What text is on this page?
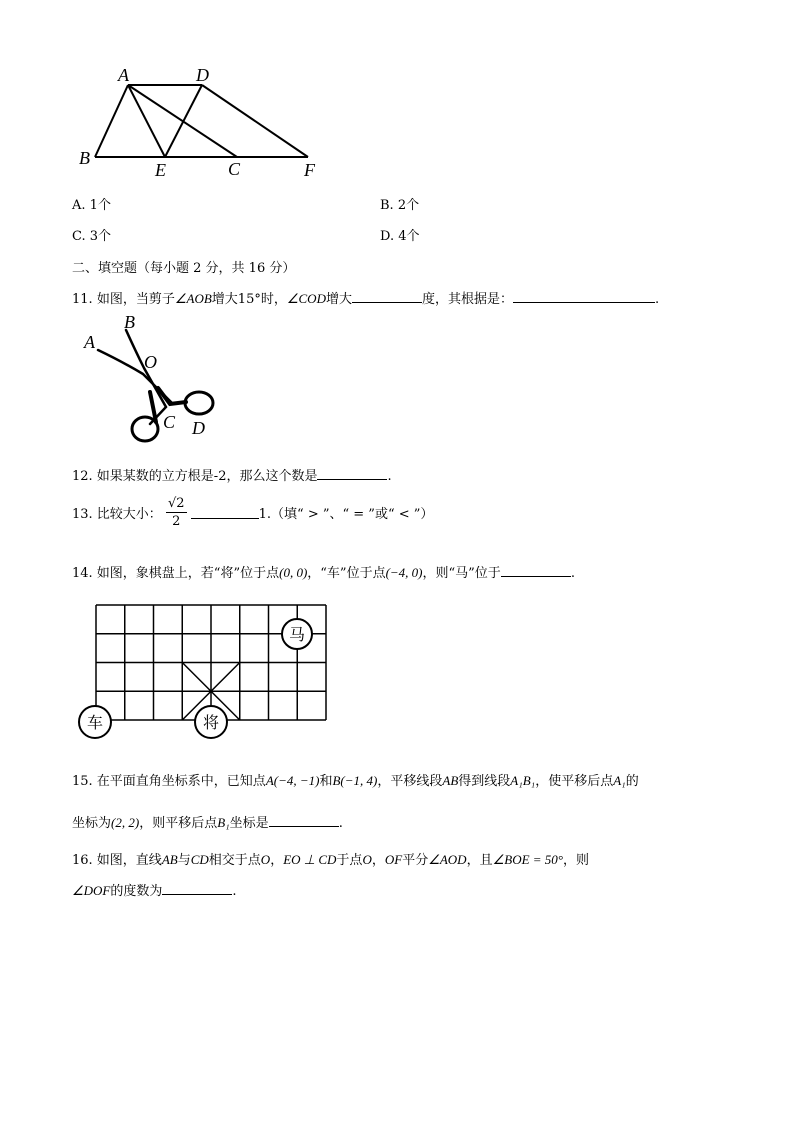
A	D
B
E	C	F
A. 1个	B. 2个
C. 3个	D. 4个
二、填空题（每小题 2 分，共 16 分）
11. 如图，当剪子∠AOB增大15°时，∠COD增大	度，其根据是：	.
A
B
O
C D
12. 如果某数的立方根是-2，那么这个数是	.
13. 比较大小： $\frac{√2}{2}$	1.（填“ > ”、“ = ”或“ < ”）
14. 如图，象棋盘上，若“将”位于点(0, 0)，“车”位于点(−4, 0)，则“马”位于	.
马
车	将
15. 在平面直角坐标系中，已知点A(−4, −1)和B(−1, 4)，平移线段AB得到线段A₁B₁，使平移后点A₁的
坐标为(2, 2)，则平移后点B₁坐标是	.
16. 如图，直线AB与CD相交于点O，EO ⊥ CD于点O，OF平分∠AOD，且∠BOE = 50°，则
∠DOF的度数为	.
